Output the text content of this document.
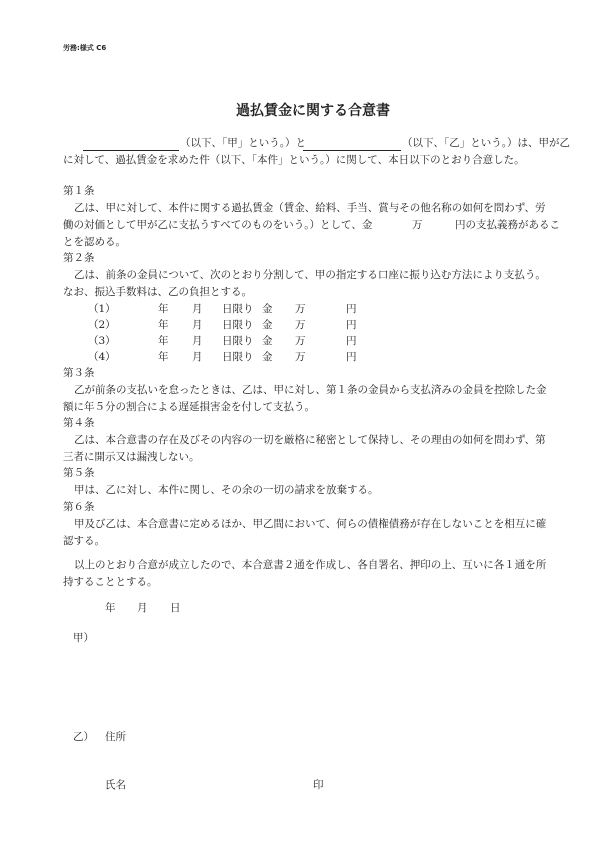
労務:様式 C6
過払賃金に関する合意書
（以下、「甲」という。）と	（以下、「乙」という。）は、甲が乙
に対して、過払賃金を求めた件（以下、「本件」という。）に関して、本日以下のとおり合意した。
第１条
乙は、甲に対して、本件に関する過払賃金（賃金、給料、手当、賞与その他名称の如何を問わず、労
働の対価として甲が乙に支払うすべてのものをいう。）として、金	万	円の支払義務があるこ
とを認める。
第２条
乙は、前条の金員について、次のとおり分割して、甲の指定する口座に振り込む方法により支払う。
なお、振込手数料は、乙の負担とする。
（1）	年 月 日限り 金 万	円
（2）	年 月 日限り 金 万	円
（3）	年 月 日限り 金 万	円
（4）	年 月 日限り 金 万	円
第３条
乙が前条の支払いを怠ったときは、乙は、甲に対し、第１条の金員から支払済みの金員を控除した金
額に年５分の割合による遅延損害金を付して支払う。
第４条
乙は、本合意書の存在及びその内容の一切を厳格に秘密として保持し、その理由の如何を問わず、第
三者に開示又は漏洩しない。
第５条
甲は、乙に対し、本件に関し、その余の一切の請求を放棄する。
第６条
甲及び乙は、本合意書に定めるほか、甲乙間において、何らの債権債務が存在しないことを相互に確
認する。
以上のとおり合意が成立したので、本合意書２通を作成し、各自署名、押印の上、互いに各１通を所
持することとする。
年 月 日
甲）
乙） 住所
氏名	印
